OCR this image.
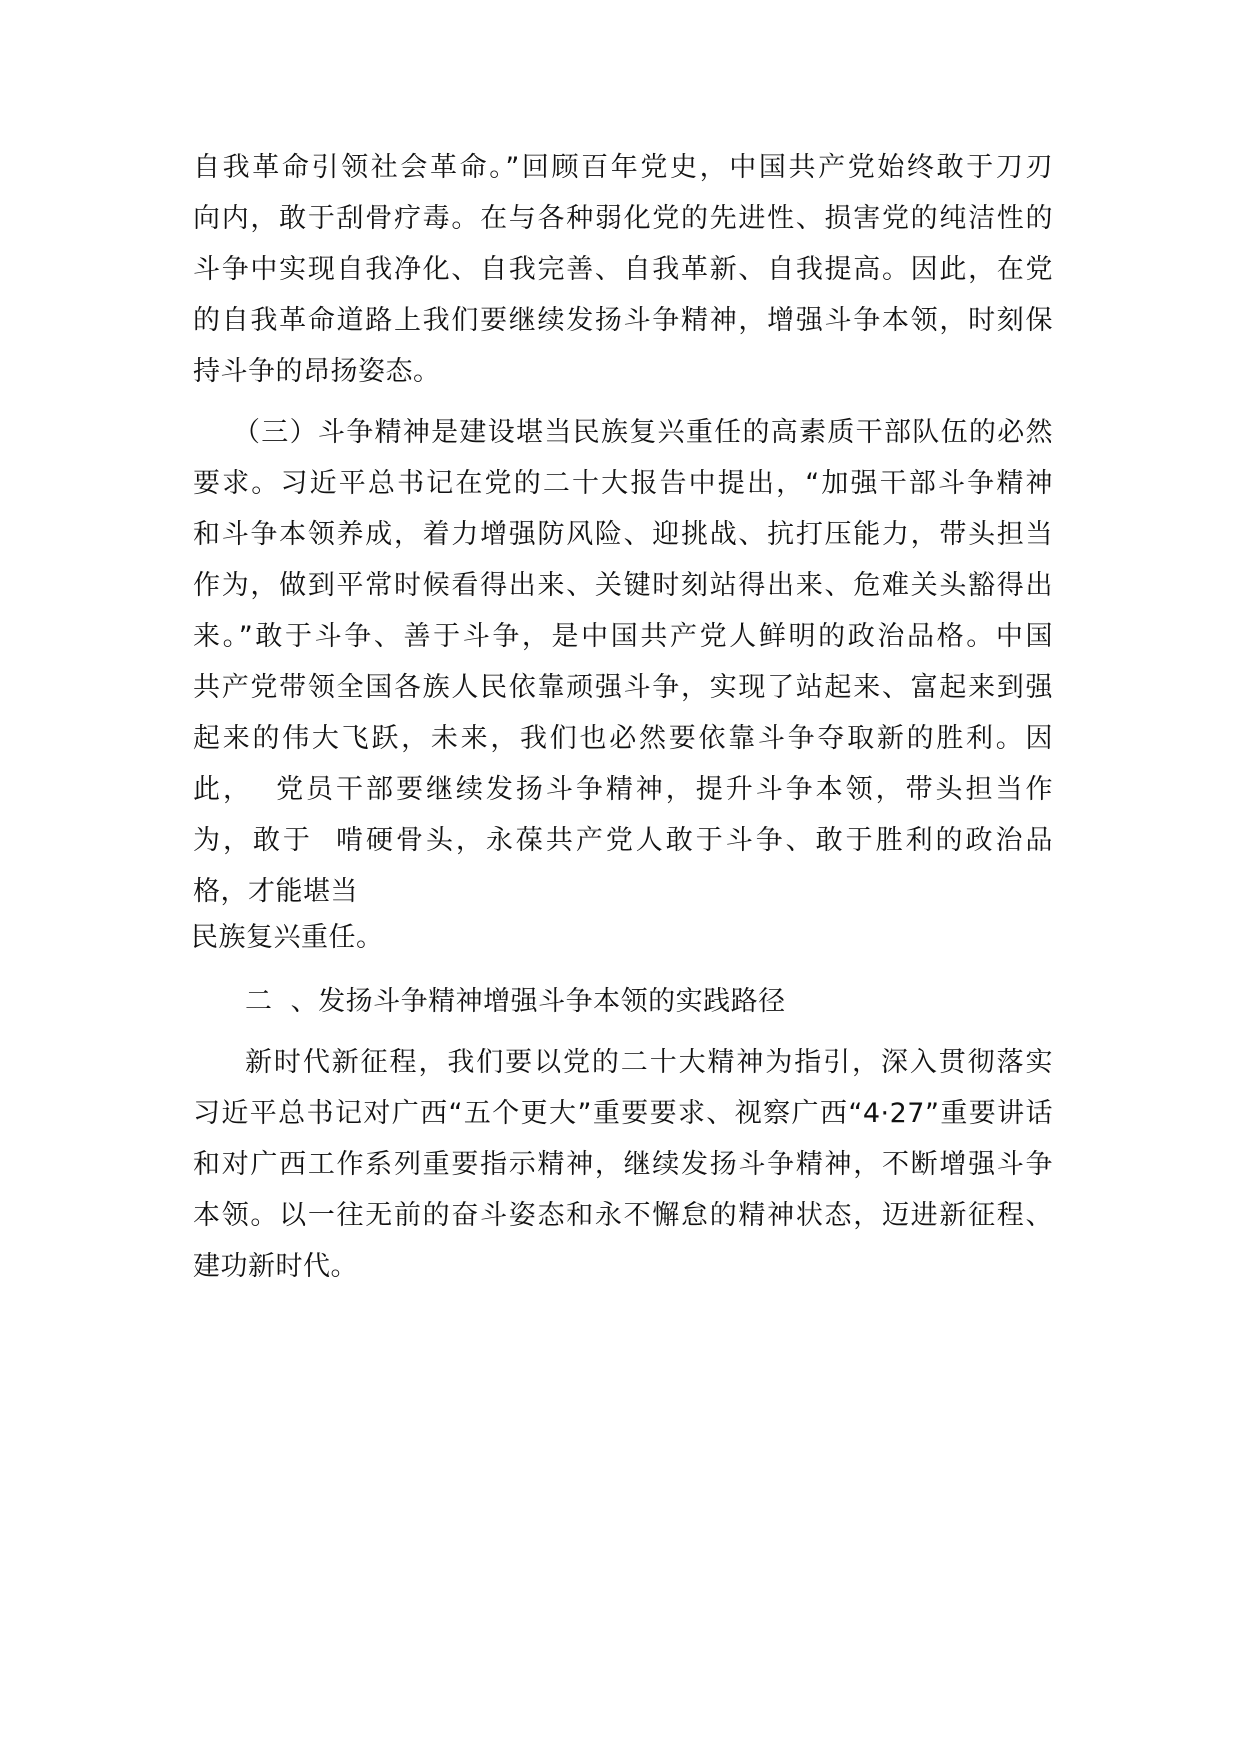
自我革命引领社会革命。”回顾百年党史，中国共产党始终敢于刀刃
向内，敢于刮骨疗毒。在与各种弱化党的先进性、损害党的纯洁性的
斗争中实现自我净化、自我完善、自我革新、自我提高。因此，在党
的自我革命道路上我们要继续发扬斗争精神，增强斗争本领，时刻保
持斗争的昂扬姿态。
（三）斗争精神是建设堪当民族复兴重任的高素质干部队伍的必然
要求。习近平总书记在党的二十大报告中提出，“加强干部斗争精神
和斗争本领养成，着力增强防风险、迎挑战、抗打压能力，带头担当
作为，做到平常时候看得出来、关键时刻站得出来、危难关头豁得出
来。”敢于斗争、善于斗争，是中国共产党人鲜明的政治品格。中国
共产党带领全国各族人民依靠顽强斗争，实现了站起来、富起来到强
起来的伟大飞跃，未来，我们也必然要依靠斗争夺取新的胜利。因
此，  党员干部要继续发扬斗争精神，提升斗争本领，带头担当作
为，敢于  啃硬骨头，永葆共产党人敢于斗争、敢于胜利的政治品
格，才能堪当
民族复兴重任。
二  、发扬斗争精神增强斗争本领的实践路径
新时代新征程，我们要以党的二十大精神为指引，深入贯彻落实
习近平总书记对广西“五个更大”重要要求、视察广西“4·27”重要讲话
和对广西工作系列重要指示精神，继续发扬斗争精神，不断增强斗争
本领。以一往无前的奋斗姿态和永不懈怠的精神状态，迈进新征程、
建功新时代。
